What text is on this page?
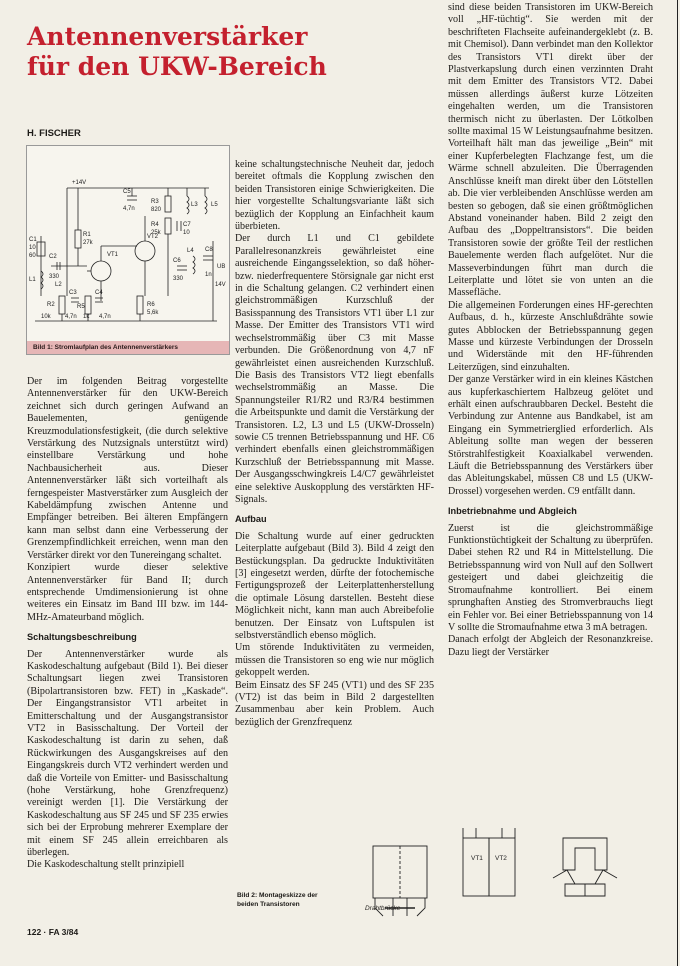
Antennenverstärker
für den UKW-Bereich

H. FISCHER

+14V
C5
4,7n
R3
820
R4
25k
L3 L5
C7
10
C1
10
60
R1
27k
C2
330
VT1
VT2
C6
330
C8
1n
L4
UB
14V
L1
L2
R2
C3
R5
C4
R6
5,6k
10k 4,7n 1k 4,7n
Bild 1: Stromlaufplan des Antennenverstärkers

Der im folgenden Beitrag vorgestellte Antennenverstärker für den UKW-Bereich zeichnet sich durch geringen Aufwand an Bauelementen, genügende Kreuzmodulationsfestigkeit, (die durch selektive Verstärkung des Nutzsignals unterstützt wird) einstellbare Verstärkung und hohe Nachbausicherheit aus. Dieser Antennenverstärker läßt sich vorteilhaft als ferngespeister Mastverstärker zum Ausgleich der Kabeldämpfung zwischen Antenne und Empfänger betreiben. Bei älteren Empfängern kann man selbst dann eine Verbesserung der Grenzempfindlichkeit erreichen, wenn man den Verstärker direkt vor den Tunereingang schaltet.

Konzipiert wurde dieser selektive Antennenverstärker für Band II; durch entsprechende Umdimensionierung ist ohne weiteres ein Einsatz im Band III bzw. im 144-MHz-Amateurband möglich.

Schaltungsbeschreibung

Der Antennenverstärker wurde als Kaskodeschaltung aufgebaut (Bild 1). Bei dieser Schaltungsart liegen zwei Transistoren (Bipolartransistoren bzw. FET) in „Kaskade“. Der Eingangstransistor VT1 arbeitet in Emitterschaltung und der Ausgangstransistor VT2 in Basisschaltung. Der Vorteil der Kaskodeschaltung ist darin zu sehen, daß Rückwirkungen des Ausgangskreises auf den Eingangskreis durch VT2 verhindert werden und daß die Vorteile von Emitter- und Basisschaltung (hohe Verstärkung, hohe Grenzfrequenz) vereinigt werden [1]. Die Verstärkung der Kaskodeschaltung aus SF 245 und SF 235 erwies sich bei der Erprobung mehrerer Exemplare der mit einem SF 245 allein erreichbaren als überlegen.

Die Kaskodeschaltung stellt prinzipiell

keine schaltungstechnische Neuheit dar, jedoch bereitet oftmals die Kopplung zwischen den beiden Transistoren einige Schwierigkeiten. Die hier vorgestellte Schaltungsvariante läßt sich bezüglich der Kopplung an Einfachheit kaum überbieten.

Der durch L1 und C1 gebildete Parallelresonanzkreis gewährleistet eine ausreichende Eingangsselektion, so daß höher- bzw. niederfrequentere Störsignale gar nicht erst in die Schaltung gelangen. C2 verhindert einen gleichstrommäßigen Kurzschluß der Basisspannung des Transistors VT1 über L1 zur Masse. Der Emitter des Transistors VT1 wird wechselstrommäßig über C3 mit Masse verbunden. Die Größenordnung von 4,7 nF gewährleistet einen ausreichenden Kurzschluß. Die Basis des Transistors VT2 liegt ebenfalls wechselstrommäßig an Masse. Die Spannungsteiler R1/R2 und R3/R4 bestimmen die Arbeitspunkte und damit die Verstärkung der Transistoren. L2, L3 und L5 (UKW-Drosseln) sowie C5 trennen Betriebsspannung und HF. C6 verhindert ebenfalls einen gleichstrommäßigen Kurzschluß der Betriebsspannung mit Masse. Der Ausgangsschwingkreis L4/C7 gewährleistet eine selektive Auskopplung des verstärkten HF-Signals.

Aufbau

Die Schaltung wurde auf einer gedruckten Leiterplatte aufgebaut (Bild 3). Bild 4 zeigt den Bestückungsplan. Da gedruckte Induktivitäten [3] eingesetzt werden, dürfte der fotochemische Fertigungsprozeß der Leiterplattenherstellung die optimale Lösung darstellen. Besteht diese Möglichkeit nicht, kann man auch Abreibefolie benutzen. Der Einsatz von Luftspulen ist selbstverständlich ebenso möglich.

Um störende Induktivitäten zu vermeiden, müssen die Transistoren so eng wie nur möglich gekoppelt werden.

Beim Einsatz des SF 245 (VT1) und des SF 235 (VT2) ist das beim in Bild 2 dargestellten Zusammenbau aber kein Problem. Auch bezüglich der Grenzfrequenz

sind diese beiden Transistoren im UKW-Bereich voll „HF-tüchtig“. Sie werden mit der beschrifteten Flachseite aufeinandergeklebt (z. B. mit Chemisol). Dann verbindet man den Kollektor des Transistors VT1 direkt über der Plastverkapslung durch einen verzinnten Draht mit dem Emitter des Transistors VT2. Dabei müssen allerdings äußerst kurze Lötzeiten eingehalten werden, um die Transistoren thermisch nicht zu überlasten. Der Lötkolben sollte maximal 15 W Leistungsaufnahme besitzen. Vorteilhaft hält man das jeweilige „Bein“ mit einer Kupferbelegten Flachzange fest, um die Wärme schnell abzuleiten. Die Überragenden Anschlüsse kneift man direkt über den Lötstellen ab. Die vier verbleibenden Anschlüsse werden am besten so gebogen, daß sie einen größtmöglichen Abstand voneinander haben. Bild 2 zeigt den Aufbau des „Doppeltransistors“. Die beiden Transistoren sowie der größte Teil der restlichen Bauelemente werden flach aufgelötet. Nur die Masseverbindungen führt man durch die Leiterplatte und lötet sie von unten an die Massefläche.

Die allgemeinen Forderungen eines HF-gerechten Aufbaus, d. h., kürzeste Anschlußdrähte sowie gutes Abblocken der Betriebsspannung gegen Masse und kürzeste Verbindungen der Drosseln und Widerstände mit den HF-führenden Leiterzügen, sind einzuhalten.

Der ganze Verstärker wird in ein kleines Kästchen aus kupferkaschiertem Halbzeug gelötet und erhält einen aufschraubbaren Deckel. Besteht die Verbindung zur Antenne aus Bandkabel, ist am Eingang ein Symmetrierglied erforderlich. Als Ableitung sollte man wegen der besseren Störstrahlfestigkeit Koaxialkabel verwenden. Läuft die Betriebsspannung des Verstärkers über das Ableitungskabel, müssen C8 und L5 (UKW-Drossel) vorgesehen werden. C9 entfällt dann.

Inbetriebnahme und Abgleich

Zuerst ist die gleichstrommäßige Funktionstüchtigkeit der Schaltung zu überprüfen. Dabei stehen R2 und R4 in Mittelstellung. Die Betriebsspannung wird von Null auf den Sollwert gesteigert und dabei gleichzeitig die Stromaufnahme kontrolliert. Bei einem sprunghaften Anstieg des Stromverbrauchs liegt ein Fehler vor. Bei einer Betriebsspannung von 14 V sollte die Stromaufnahme etwa 3 mA betragen.

Danach erfolgt der Abgleich der Resonanzkreise. Dazu liegt der Verstärker

VT1 VT2
Bild 2: Montageskizze der beiden Transistoren
Drahtbrücke
122 · FA 3/84
